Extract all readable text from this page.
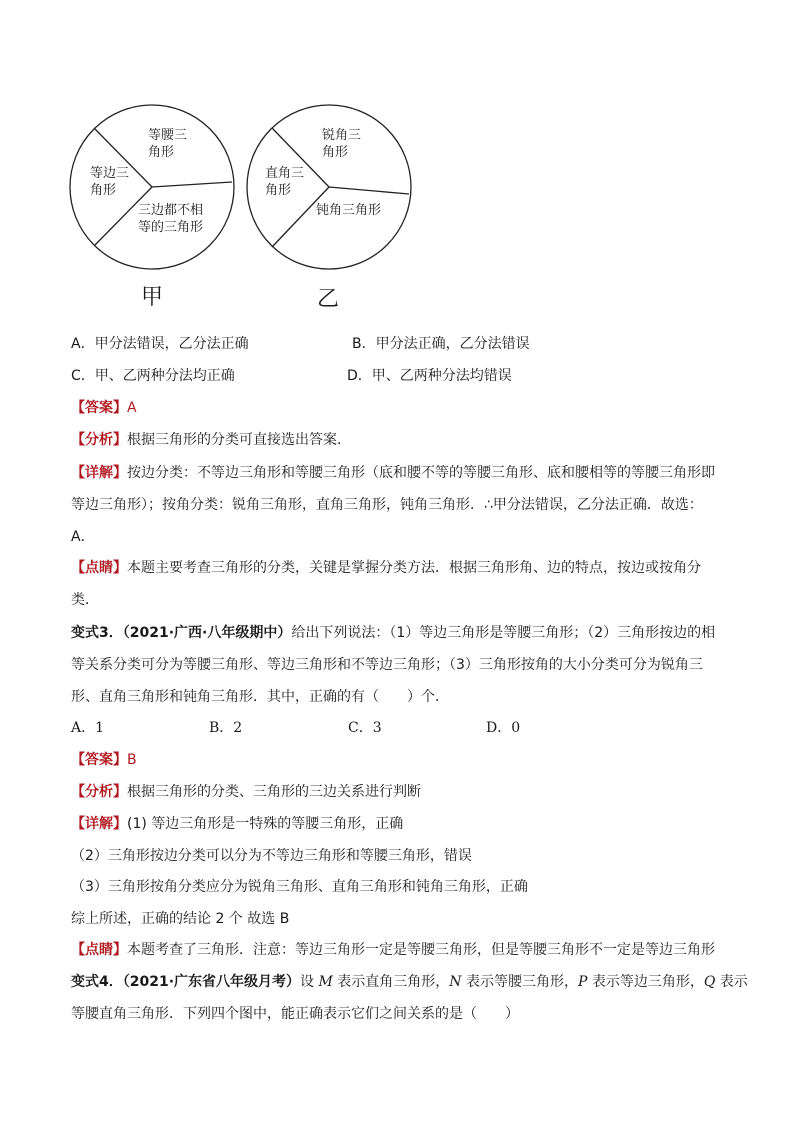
等腰三
角形
等边三
角形
三边都不相
等的三角形
甲
锐角三
角形
直角三
角形
钝角三角形
乙
A．甲分法错误，乙分法正确	B．甲分法正确，乙分法错误
C．甲、乙两种分法均正确	D．甲、乙两种分法均错误
【答案】A
【分析】根据三角形的分类可直接选出答案．
【详解】按边分类：不等边三角形和等腰三角形（底和腰不等的等腰三角形、底和腰相等的等腰三角形即
等边三角形）；按角分类：锐角三角形，直角三角形，钝角三角形．∴甲分法错误，乙分法正确．故选：
A．
【点睛】本题主要考查三角形的分类，关键是掌握分类方法．根据三角形角、边的特点，按边或按角分
类．
变式3．（2021·广西·八年级期中）给出下列说法：（1）等边三角形是等腰三角形；（2）三角形按边的相
等关系分类可分为等腰三角形、等边三角形和不等边三角形；（3）三角形按角的大小分类可分为锐角三
形、直角三角形和钝角三角形．其中，正确的有（　　）个．
A．1	B．2	C．3	D．0
【答案】B
【分析】根据三角形的分类、三角形的三边关系进行判断
【详解】(1) 等边三角形是一特殊的等腰三角形，正确
（2）三角形按边分类可以分为不等边三角形和等腰三角形，错误
（3）三角形按角分类应分为锐角三角形、直角三角形和钝角三角形，正确
综上所述，正确的结论 2 个 故选 B
【点睛】本题考查了三角形．注意：等边三角形一定是等腰三角形，但是等腰三角形不一定是等边三角形
变式4．（2021·广东省八年级月考）设 M 表示直角三角形，N 表示等腰三角形，P 表示等边三角形，Q 表示
等腰直角三角形．下列四个图中，能正确表示它们之间关系的是（　　）
